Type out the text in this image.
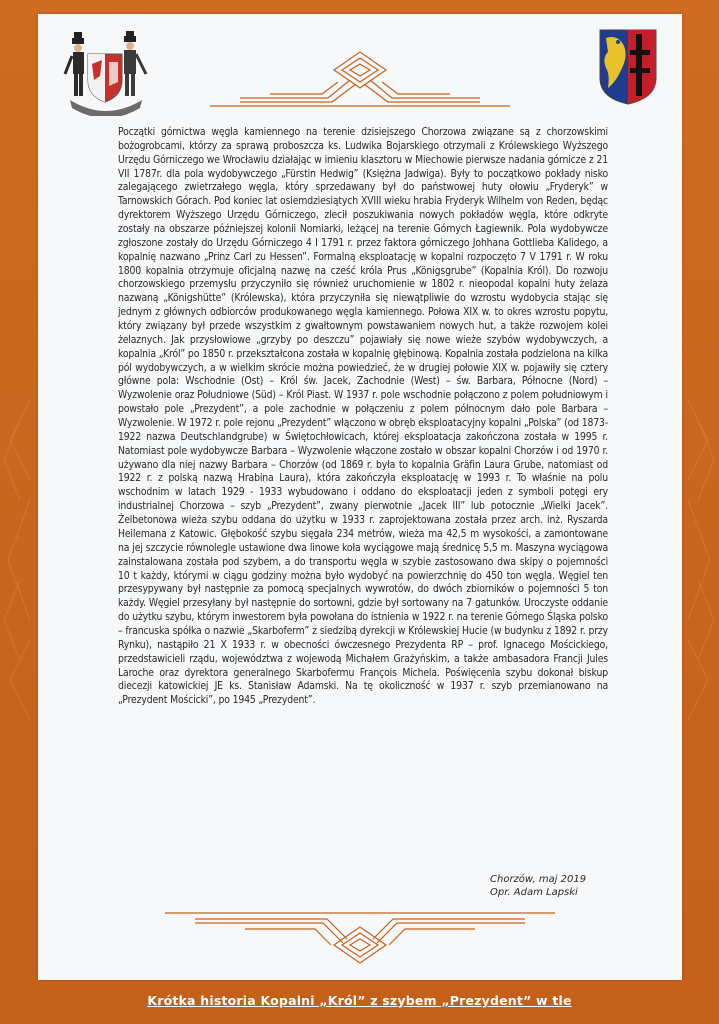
Początki górnictwa węgla kamiennego na terenie dzisiejszego Chorzowa związane są z chorzowskimi bożogrobcami, którzy za sprawą proboszcza ks. Ludwika Bojarskiego otrzymali z Królewskiego Wyższego Urzędu Górniczego we Wrocławiu działając w imieniu klasztoru w Miechowie pierwsze nadania górnicze z 21 VII 1787r. dla pola wydobywczego „Fürstin Hedwig” (Księżna Jadwiga). Były to początkowo pokłady nisko zalegającego zwietrzałego węgla, który sprzedawany był do państwowej huty ołowiu „Fryderyk” w Tarnowskich Górach. Pod koniec lat osiemdziesiątych XVIII wieku hrabia Fryderyk Wilhelm von Reden, będąc dyrektorem Wyższego Urzędu Górniczego, zlecił poszukiwania nowych pokładów węgla, które odkryte zostały na obszarze późniejszej kolonii Nomiarki, leżącej na terenie Górnych Łagiewnik. Pola wydobywcze zgłoszone zostały do Urzędu Górniczego 4 I 1791 r. przez faktora górniczego Johhana Gottlieba Kalidego, a kopalnię nazwano „Prinz Carl zu Hessen”. Formalną eksploatację w kopalni rozpoczęto 7 V 1791 r. W roku 1800 kopalnia otrzymuje oficjalną nazwę na cześć króla Prus „Königsgrube” (Kopalnia Król). Do rozwoju chorzowskiego przemysłu przyczyniło się również uruchomienie w 1802 r. nieopodal kopalni huty żelaza nazwaną „Königshütte” (Królewska), która przyczyniła się niewątpliwie do wzrostu wydobycia stając się jednym z głównych odbiorców produkowanego węgla kamiennego. Połowa XIX w. to okres wzrostu popytu, który związany był przede wszystkim z gwałtownym powstawaniem nowych hut, a także rozwojem kolei żelaznych. Jak przysłowiowe „grzyby po deszczu” pojawiały się nowe wieże szybów wydobywczych, a kopalnia „Król” po 1850 r. przekształcona została w kopalnię głębinową. Kopalnia została podzielona na kilka pól wydobywczych, a w wielkim skrócie można powiedzieć, że w drugiej połowie XIX w. pojawiły się cztery główne pola: Wschodnie (Ost) – Król św. Jacek, Zachodnie (West) – św. Barbara, Północne (Nord) – Wyzwolenie oraz Południowe (Süd) – Król Piast. W 1937 r. pole wschodnie połączono z polem południowym i powstało pole „Prezydent”, a pole zachodnie w połączeniu z polem północnym dało pole Barbara – Wyzwolenie. W 1972 r. pole rejonu „Prezydent” włączono w obręb eksploatacyjny kopalni „Polska” (od 1873-1922 nazwa Deutschlandgrube) w Świętochłowicach, której eksploatacja zakończona została w 1995 r. Natomiast pole wydobywcze Barbara – Wyzwolenie włączone zostało w obszar kopalni Chorzów i od 1970 r. używano dla niej nazwy Barbara – Chorzów (od 1869 r. była to kopalnia Gräfin Laura Grube, natomiast od 1922 r. z polską nazwą Hrabina Laura), która zakończyła eksploatację w 1993 r. To właśnie na polu wschodnim w latach 1929 - 1933 wybudowano i oddano do eksploatacji jeden z symboli potęgi ery industrialnej Chorzowa – szyb „Prezydent”, zwany pierwotnie „Jacek III” lub potocznie „Wielki Jacek”. Żelbetonowa wieża szybu oddana do użytku w 1933 r. zaprojektowana została przez arch. inż. Ryszarda Heilemana z Katowic. Głębokość szybu sięgała 234 metrów, wieża ma 42,5 m wysokości, a zamontowane na jej szczycie równolegle ustawione dwa linowe koła wyciągowe mają średnicę 5,5 m. Maszyna wyciągowa zainstalowana została pod szybem, a do transportu węgla w szybie zastosowano dwa skipy o pojemności 10 t każdy, którymi w ciągu godziny można było wydobyć na powierzchnię do 450 ton węgla. Węgiel ten przesypywany był następnie za pomocą specjalnych wywrotów, do dwóch zbiorników o pojemności 5 ton każdy. Węgiel przesyłany był następnie do sortowni, gdzie był sortowany na 7 gatunków. Uroczyste oddanie do użytku szybu, którym inwestorem była powołana do istnienia w 1922 r. na terenie Górnego Śląska polsko – francuska spółka o nazwie „Skarboferm” z siedzibą dyrekcji w Królewskiej Hucie (w budynku z 1892 r. przy Rynku), nastąpiło 21 X 1933 r. w obecności ówczesnego Prezydenta RP – prof. Ignacego Mościckiego, przedstawicieli rządu, województwa z wojewodą Michałem Grażyńskim, a także ambasadora Francji Jules Laroche oraz dyrektora generalnego Skarbofermu François Michela. Poświęcenia szybu dokonał biskup diecezji katowickiej JE ks. Stanisław Adamski. Na tę okoliczność w 1937 r. szyb przemianowano na „Prezydent Mościcki”, po 1945 „Prezydent”.

Chorzów, maj 2019
Opr. Adam Lapski
Krótka historia Kopalni „Król” z szybem „Prezydent” w tle
